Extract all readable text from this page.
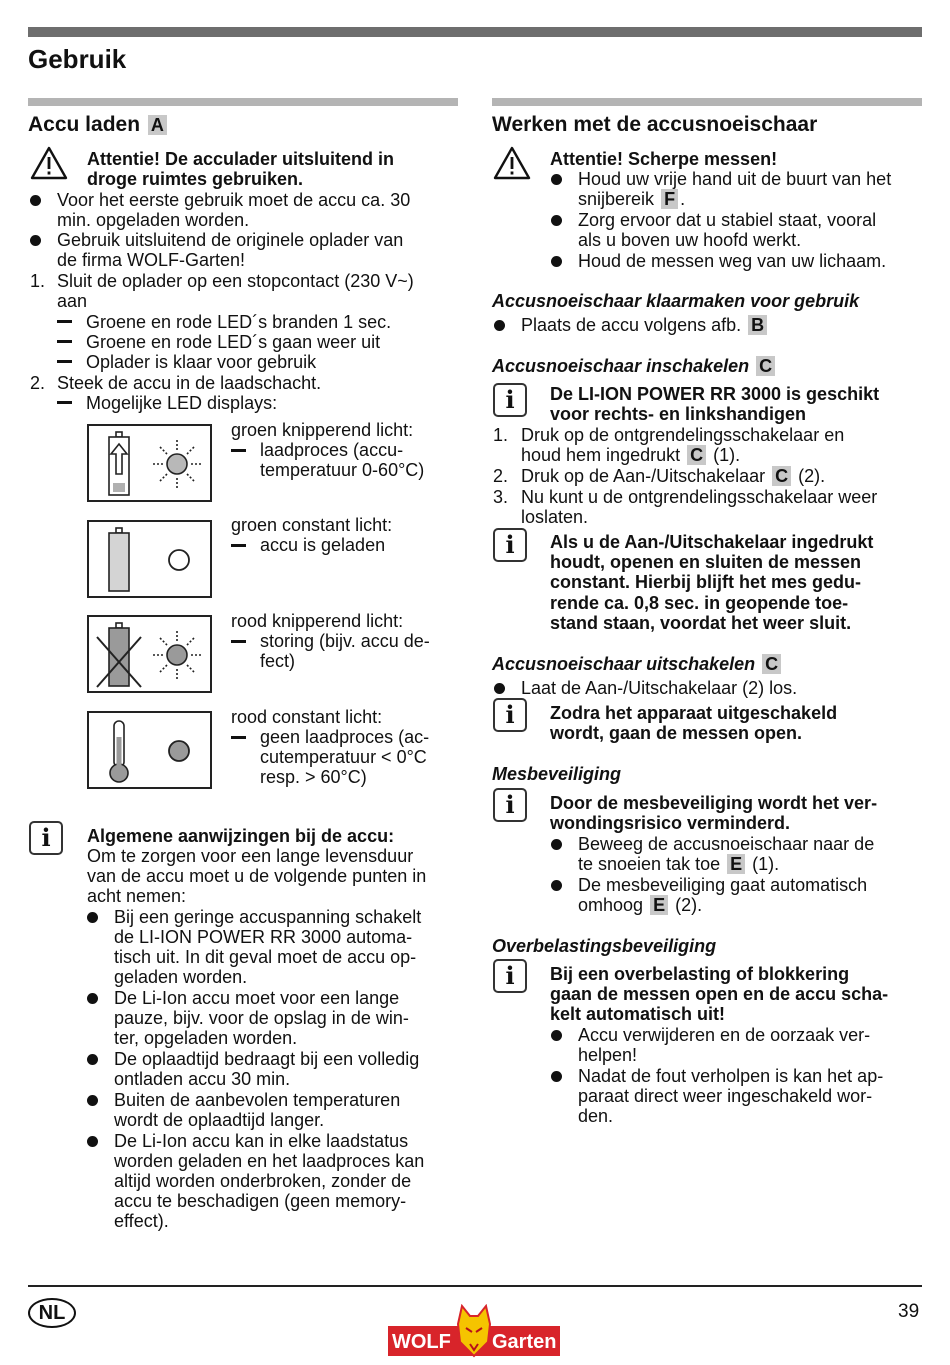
Gebruik
Accu laden A
Attentie! De acculader uitsluitend in
droge ruimtes gebruiken.
Voor het eerste gebruik moet de accu ca. 30
min. opgeladen worden.
Gebruik uitsluitend de originele oplader van
de firma WOLF-Garten!
1. Sluit de oplader op een stopcontact (230 V~)
aan
Groene en rode LED´s branden 1 sec.
Groene en rode LED´s gaan weer uit
Oplader is klaar voor gebruik
2. Steek de accu in de laadschacht.
Mogelijke LED displays:
groen knipperend licht:
laadproces (accu-
temperatuur 0-60°C)
groen constant licht:
accu is geladen
rood knipperend licht:
storing (bijv. accu de-
fect)
rood constant licht:
geen laadproces (ac-
cutemperatuur < 0°C
resp. > 60°C)
i	Algemene aanwijzingen bij de accu:
Om te zorgen voor een lange levensduur
van de accu moet u de volgende punten in
acht nemen:
Bij een geringe accuspanning schakelt
de LI-ION POWER RR 3000 automa-
tisch uit. In dit geval moet de accu op-
geladen worden.
De Li-Ion accu moet voor een lange
pauze, bijv. voor de opslag in de win-
ter, opgeladen worden.
De oplaadtijd bedraagt bij een volledig
ontladen accu 30 min.
Buiten de aanbevolen temperaturen
wordt de oplaadtijd langer.
De Li-Ion accu kan in elke laadstatus
worden geladen en het laadproces kan
altijd worden onderbroken, zonder de
accu te beschadigen (geen memory-
effect).
Werken met de accusnoeischaar
Attentie! Scherpe messen!
Houd uw vrije hand uit de buurt van het
snijbereik F .
Zorg ervoor dat u stabiel staat, vooral
als u boven uw hoofd werkt.
Houd de messen weg van uw lichaam.
Accusnoeischaar klaarmaken voor gebruik
Plaats de accu volgens afb. B
Accusnoeischaar inschakelen C
i	De LI-ION POWER RR 3000 is geschikt
voor rechts- en linkshandigen
1. Druk op de ontgrendelingsschakelaar en
houd hem ingedrukt C (1).
2. Druk op de Aan-/Uitschakelaar C (2).
3. Nu kunt u de ontgrendelingsschakelaar weer
loslaten.
i	Als u de Aan-/Uitschakelaar ingedrukt
houdt, openen en sluiten de messen
constant. Hierbij blijft het mes gedu-
rende ca. 0,8 sec. in geopende toe-
stand staan, voordat het weer sluit.
Accusnoeischaar uitschakelen C
Laat de Aan-/Uitschakelaar (2) los.
i	Zodra het apparaat uitgeschakeld
wordt, gaan de messen open.
Mesbeveiliging
i	Door de mesbeveiliging wordt het ver-
wondingsrisico verminderd.
Beweeg de accusnoeischaar naar de
te snoeien tak toe E (1).
De mesbeveiliging gaat automatisch
omhoog E (2).
Overbelastingsbeveiliging
i	Bij een overbelasting of blokkering
gaan de messen open en de accu scha-
kelt automatisch uit!
Accu verwijderen en de oorzaak ver-
helpen!
Nadat de fout verholpen is kan het ap-
paraat direct weer ingeschakeld wor-
den.
NL	39
WOLF Garten
